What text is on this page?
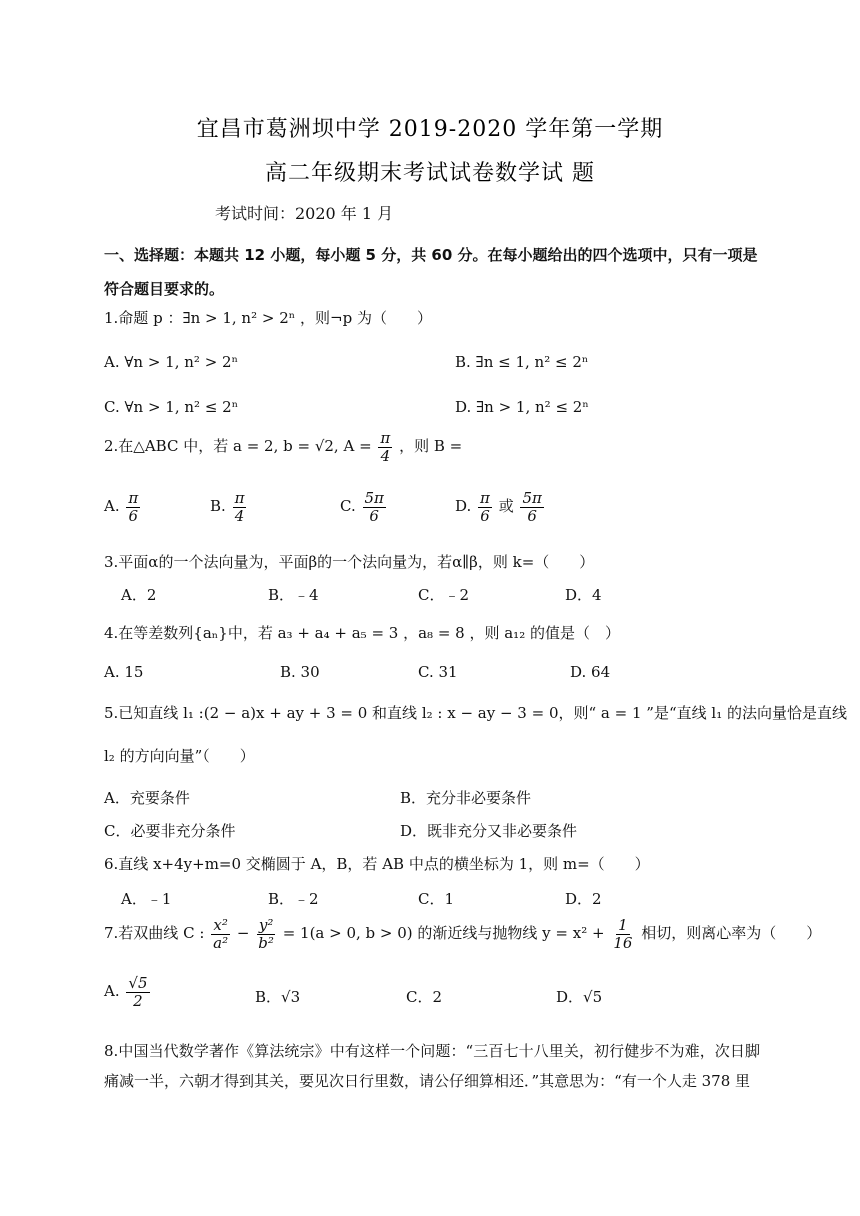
宜昌市葛洲坝中学 2019-2020 学年第一学期
高二年级期末考试试卷数学试 题
考试时间：2020 年 1 月
一、选择题：本题共 12 小题，每小题 5 分，共 60 分。在每小题给出的四个选项中，只有一项是符合题目要求的。
1.命题 p ：∃n > 1, n² > 2ⁿ ，则¬p 为（　　）
A. ∀n > 1, n² > 2ⁿ	B. ∃n ≤ 1, n² ≤ 2ⁿ
C. ∀n > 1, n² ≤ 2ⁿ	D. ∃n > 1, n² ≤ 2ⁿ
2.在△ABC 中，若 a = 2, b = √2, $A = \frac{\pi}{4}$ ，则 B =
A. $\frac{\pi}{6}$	B. $\frac{\pi}{4}$	C. $\frac{5\pi}{6}$	D. $\frac{\pi}{6}$ 或 $\frac{5\pi}{6}$
3.平面α的一个法向量为，平面β的一个法向量为，若α∥β，则 k=（　　）
A．2	B．﹣4	C．﹣2	D．4
4.在等差数列{aₙ}中，若 a₃ + a₄ + a₅ = 3 ，a₈ = 8 ，则 a₁₂ 的值是（　）
A. 15	B. 30	C. 31	D. 64
5.已知直线 l₁ :(2 − a)x + ay + 3 = 0 和直线 l₂ : x − ay − 3 = 0，则“ a = 1 ”是“直线 l₁ 的法向量恰是直线
l₂ 的方向向量”（　　）
A．充要条件	B．充分非必要条件
C．必要非充分条件	D．既非充分又非必要条件
6.直线 x+4y+m=0 交椭圆于 A，B，若 AB 中点的横坐标为 1，则 m=（　　）
A．﹣1	B．﹣2	C．1	D．2
7.若双曲线 C : $\frac{\text{x²}}{\text{a²}} - \frac{\text{y²}}{\text{b²}} = 1(a > 0$, b > 0) 的渐近线与抛物线 $y = x^2 + \frac{1}{16}$ 相切，则离心率为（　　）
A. $\frac{√5}{2}$	B．√3	C．2	D．√5
8.中国当代数学著作《算法统宗》中有这样一个问题：“三百七十八里关，初行健步不为难，次日脚痛减一半，六朝才得到其关，要见次日行里数，请公仔细算相还．”其意思为：“有一个人走 378 里
